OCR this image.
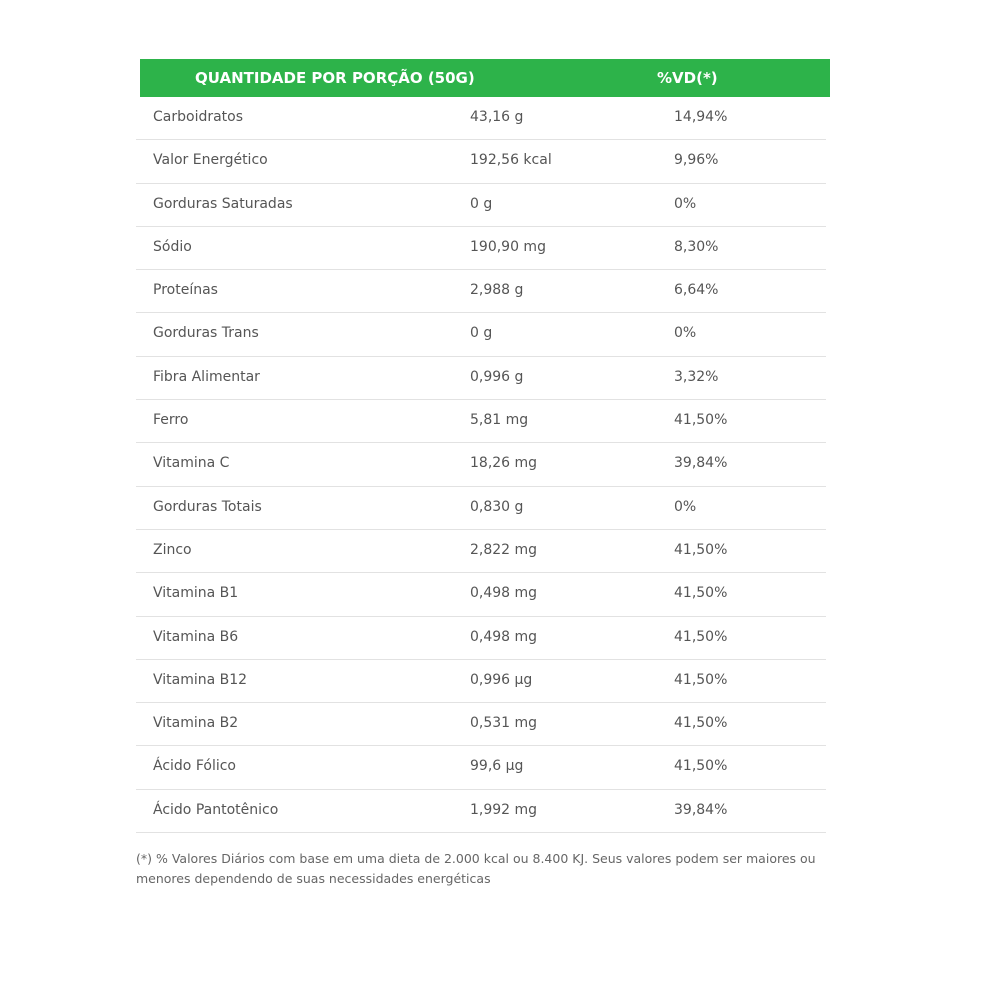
QUANTIDADE POR PORÇÃO (50G)	%VD(*)
Carboidratos	43,16 g	14,94%
Valor Energético	192,56 kcal	9,96%
Gorduras Saturadas	0 g	0%
Sódio	190,90 mg	8,30%
Proteínas	2,988 g	6,64%
Gorduras Trans	0 g	0%
Fibra Alimentar	0,996 g	3,32%
Ferro	5,81 mg	41,50%
Vitamina C	18,26 mg	39,84%
Gorduras Totais	0,830 g	0%
Zinco	2,822 mg	41,50%
Vitamina B1	0,498 mg	41,50%
Vitamina B6	0,498 mg	41,50%
Vitamina B12	0,996 µg	41,50%
Vitamina B2	0,531 mg	41,50%
Ácido Fólico	99,6 µg	41,50%
Ácido Pantotênico	1,992 mg	39,84%
(*) % Valores Diários com base em uma dieta de 2.000 kcal ou 8.400 KJ. Seus valores podem ser maiores ou menores dependendo de suas necessidades energéticas
